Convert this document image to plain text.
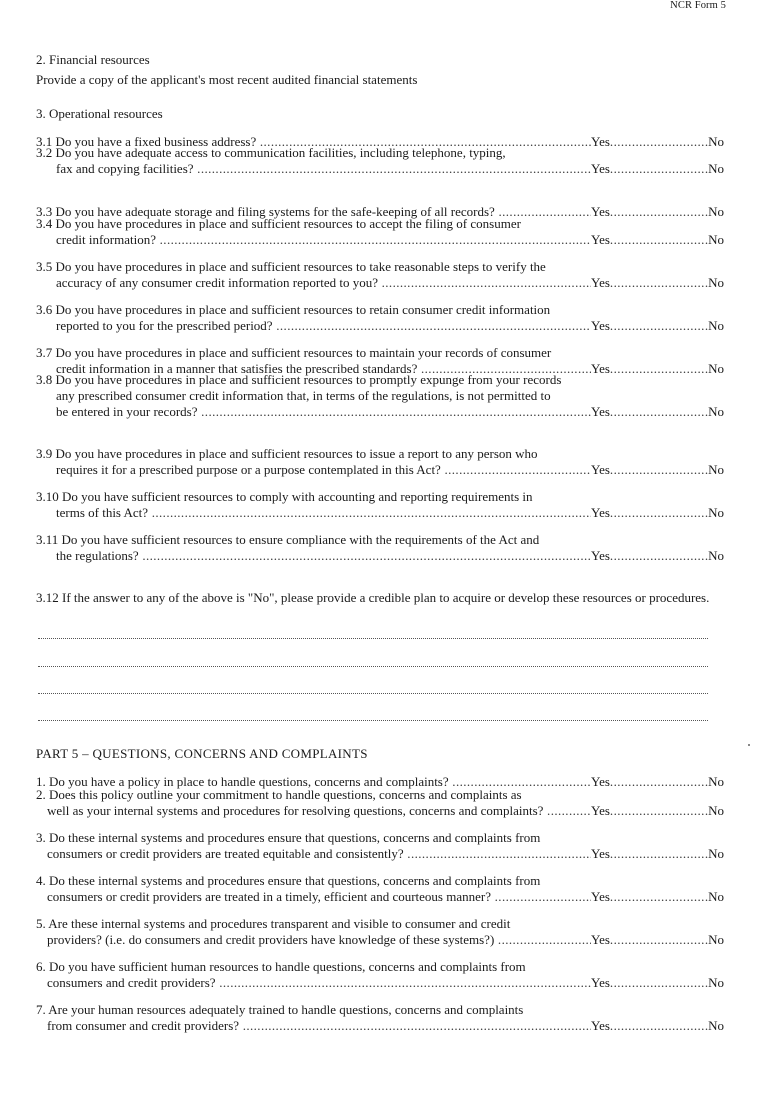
NCR Form 5
2. Financial resources
Provide a copy of the applicant's most recent audited financial statements
3. Operational resources
3.1 Do you have a fixed business address? .....	Yes .....	No
3.2 Do you have adequate access to communication facilities, including telephone, typing,
fax and copying facilities? .....	Yes .....	No
3.3 Do you have adequate storage and filing systems for the safe-keeping of all records? .....	Yes .....	No
3.4 Do you have procedures in place and sufficient resources to accept the filing of consumer
credit information? .....	Yes .....	No
3.5 Do you have procedures in place and sufficient resources to take reasonable steps to verify the
accuracy of any consumer credit information reported to you? .....	Yes .....	No
3.6 Do you have procedures in place and sufficient resources to retain consumer credit information
reported to you for the prescribed period? .....	Yes .....	No
3.7 Do you have procedures in place and sufficient resources to maintain your records of consumer
credit information in a manner that satisfies the prescribed standards? .....	Yes .....	No
3.8 Do you have procedures in place and sufficient resources to promptly expunge from your records
any prescribed consumer credit information that, in terms of the regulations, is not permitted to
be entered in your records? .....	Yes .....	No
3.9 Do you have procedures in place and sufficient resources to issue a report to any person who
requires it for a prescribed purpose or a purpose contemplated in this Act? .....	Yes .....	No
3.10 Do you have sufficient resources to comply with accounting and reporting requirements in
terms of this Act? .....	Yes .....	No
3.11 Do you have sufficient resources to ensure compliance with the requirements of the Act and
the regulations? .....	Yes .....	No
3.12 If the answer to any of the above is "No", please provide a credible plan to acquire or develop these resources or procedures.
PART 5 – QUESTIONS, CONCERNS AND COMPLAINTS
1. Do you have a policy in place to handle questions, concerns and complaints? .....	Yes .....	No
2. Does this policy outline your commitment to handle questions, concerns and complaints as
well as your internal systems and procedures for resolving questions, concerns and complaints? .....	Yes .....	No
3. Do these internal systems and procedures ensure that questions, concerns and complaints from
consumers or credit providers are treated equitable and consistently? .....	Yes .....	No
4. Do these internal systems and procedures ensure that questions, concerns and complaints from
consumers or credit providers are treated in a timely, efficient and courteous manner? .....	Yes .....	No
5. Are these internal systems and procedures transparent and visible to consumer and credit
providers? (i.e. do consumers and credit providers have knowledge of these systems?) .....	Yes .....	No
6. Do you have sufficient human resources to handle questions, concerns and complaints from
consumers and credit providers? .....	Yes .....	No
7. Are your human resources adequately trained to handle questions, concerns and complaints
from consumer and credit providers? .....	Yes .....	No
